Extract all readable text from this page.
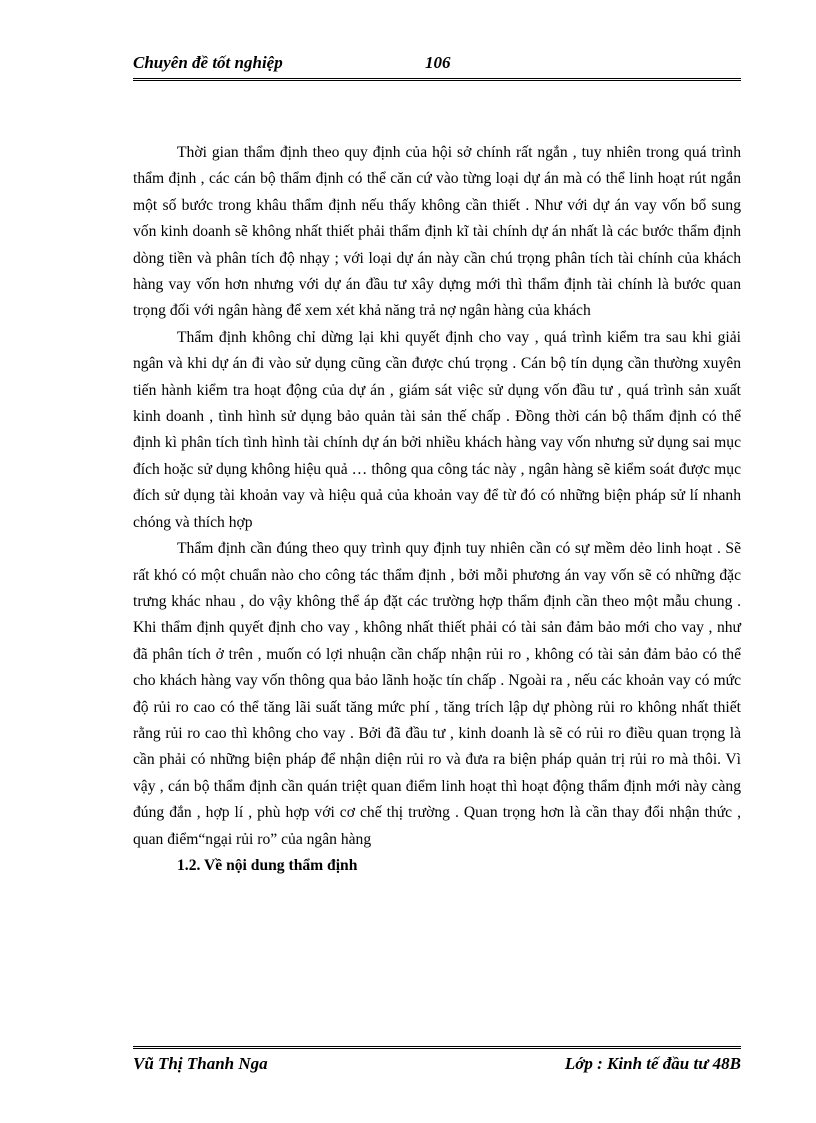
Chuyên đề tốt nghiệp	106

Thời gian thẩm định theo quy định của hội sở chính rất ngắn , tuy nhiên trong quá trình thẩm định , các cán bộ thẩm định có thể căn cứ vào từng loại dự án mà có thể linh hoạt rút ngắn một số bước trong khâu thẩm định nếu thấy không cần thiết . Như với dự án vay vốn bổ sung vốn kinh doanh sẽ không nhất thiết phải thẩm định kĩ tài chính dự án nhất là các bước thẩm định dòng tiền và phân tích độ nhạy ; với loại dự án này cần chú trọng phân tích tài chính của khách hàng vay vốn hơn nhưng với dự án đầu tư xây dựng mới thì thẩm định tài chính là bước quan trọng đối với ngân hàng để xem xét khả năng trả nợ ngân hàng của khách

Thẩm định không chỉ dừng lại khi quyết định cho vay , quá trình kiểm tra sau khi giải ngân và khi dự án đi vào sử dụng cũng cần được chú trọng . Cán bộ tín dụng cần thường xuyên tiến hành kiểm tra hoạt động của dự án , giám sát việc sử dụng vốn đầu tư , quá trình sản xuất kinh doanh , tình hình sử dụng bảo quản tài sản thế chấp . Đồng thời cán bộ thẩm định có thể định kì phân tích tình hình tài chính dự án bởi nhiều khách hàng vay vốn nhưng sử dụng sai mục đích hoặc sử dụng không hiệu quả … thông qua công tác này , ngân hàng sẽ kiểm soát được mục đích sử dụng tài khoản vay và hiệu quả của khoản vay để từ đó có những biện pháp sử lí nhanh chóng và thích hợp

Thẩm định cần đúng theo quy trình quy định tuy nhiên cần có sự mềm dẻo linh hoạt . Sẽ rất khó có một chuẩn nào cho công tác thẩm định , bởi mỗi phương án vay vốn sẽ có những đặc trưng khác nhau , do vậy không thể áp đặt các trường hợp thẩm định cần theo một mẫu chung . Khi thẩm định quyết định cho vay , không nhất thiết phải có tài sản đảm bảo mới cho vay , như đã phân tích ở trên , muốn có lợi nhuận cần chấp nhận rủi ro , không có tài sản đảm bảo có thể cho khách hàng vay vốn thông qua bảo lãnh hoặc tín chấp . Ngoài ra , nếu các khoản vay có mức độ rủi ro cao có thể tăng lãi suất tăng mức phí , tăng trích lập dự phòng rủi ro không nhất thiết rằng rủi ro cao thì không cho vay . Bởi đã đầu tư , kinh doanh là sẽ có rủi ro điều quan trọng là cần phải có những biện pháp để nhận diện rủi ro và đưa ra biện pháp quản trị rủi ro mà thôi. Vì vậy , cán bộ thẩm định cần quán triệt quan điểm linh hoạt thì hoạt động thẩm định mới này càng đúng đắn , hợp lí , phù hợp với cơ chế thị trường . Quan trọng hơn là cần thay đổi nhận thức , quan điểm“ngại rủi ro” của ngân hàng

1.2. Về nội dung thẩm định

Vũ Thị Thanh Nga	Lớp : Kinh tế đầu tư 48B
